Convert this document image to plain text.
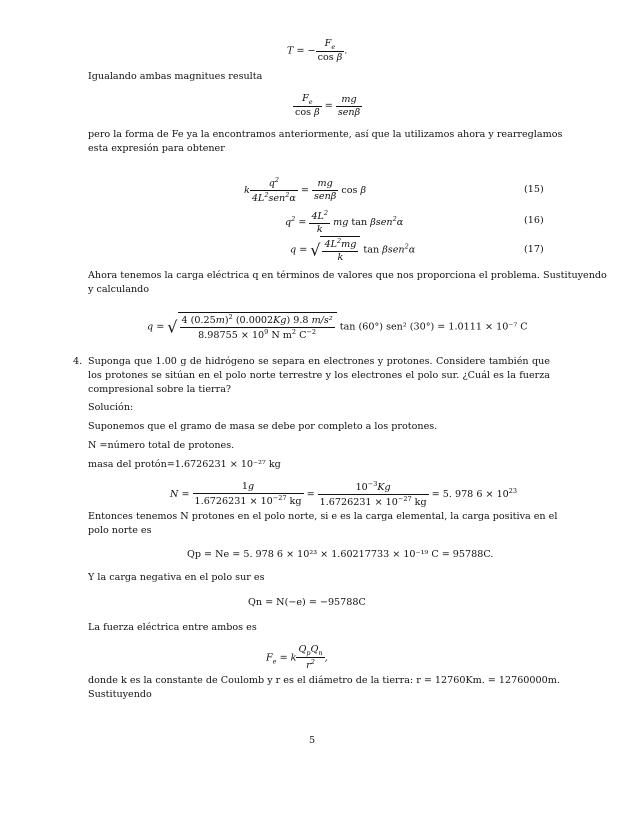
T = − $\frac{F_e}{\text{cos β}}$ .
Igualando ambas magnitues resulta
$\frac{F_e}{\text{cos β}} = \frac{mg}{\text{senβ}}$
pero la forma de Fe ya la encontramos anteriormente, así que la utilizamos ahora y rearreglamos
esta expresión para obtener
k $\frac{q^2}{4L^2sen^2\alpha} = \frac{mg}{\text{senβ}}$ cos β	(15)
$q^2 = \frac{4L^2}{k}$ mg tan βsen$^2$α	(16)
q = √ $\frac{4L^2mg}{k}$ tan βsen$^2$α	(17)
Ahora tenemos la carga eléctrica q en términos de valores que nos proporciona el problema. Sustituyendo
y calculando
q = √ $\frac{4 (0.25m)^2 (0.0002Kg) 9.8 m/s^2}{8.98755 \times 10^9 N m^2 C^{-2}}$ tan (60°) sen² (30°) = 1.0111 × 10⁻⁷ C
4. Suponga que 1.00 g de hidrógeno se separa en electrones y protones. Considere también que
los protones se sitúan en el polo norte terrestre y los electrones el polo sur. ¿Cuál es la fuerza
compresional sobre la tierra?
Solución:
Suponemos que el gramo de masa se debe por completo a los protones.
N =número total de protones.
masa del protón=1.6726231 × 10⁻²⁷ kg
$N = \frac{1g}{1.6726231 \times 10^{-27} kg} = \frac{10^{-3}Kg}{1.6726231 \times 10^{-27} kg} = 5$. 978 $6 \times 10^{23}$
Entonces tenemos N protones en el polo norte, si e es la carga elemental, la carga positiva en el
polo norte es
Qp = Ne = 5. 978 6 × 10²³ × 1.60217733 × 10⁻¹⁹ C = 95788C.
Y la carga negativa en el polo sur es
Qn = N(−e) = −95788C
La fuerza eléctrica entre ambos es
$F_e = k \frac{Q_pQ_n}{r^2}$ ,
donde k es la constante de Coulomb y r es el diámetro de la tierra: r = 12760Km. = 12760000m.
Sustituyendo
5
